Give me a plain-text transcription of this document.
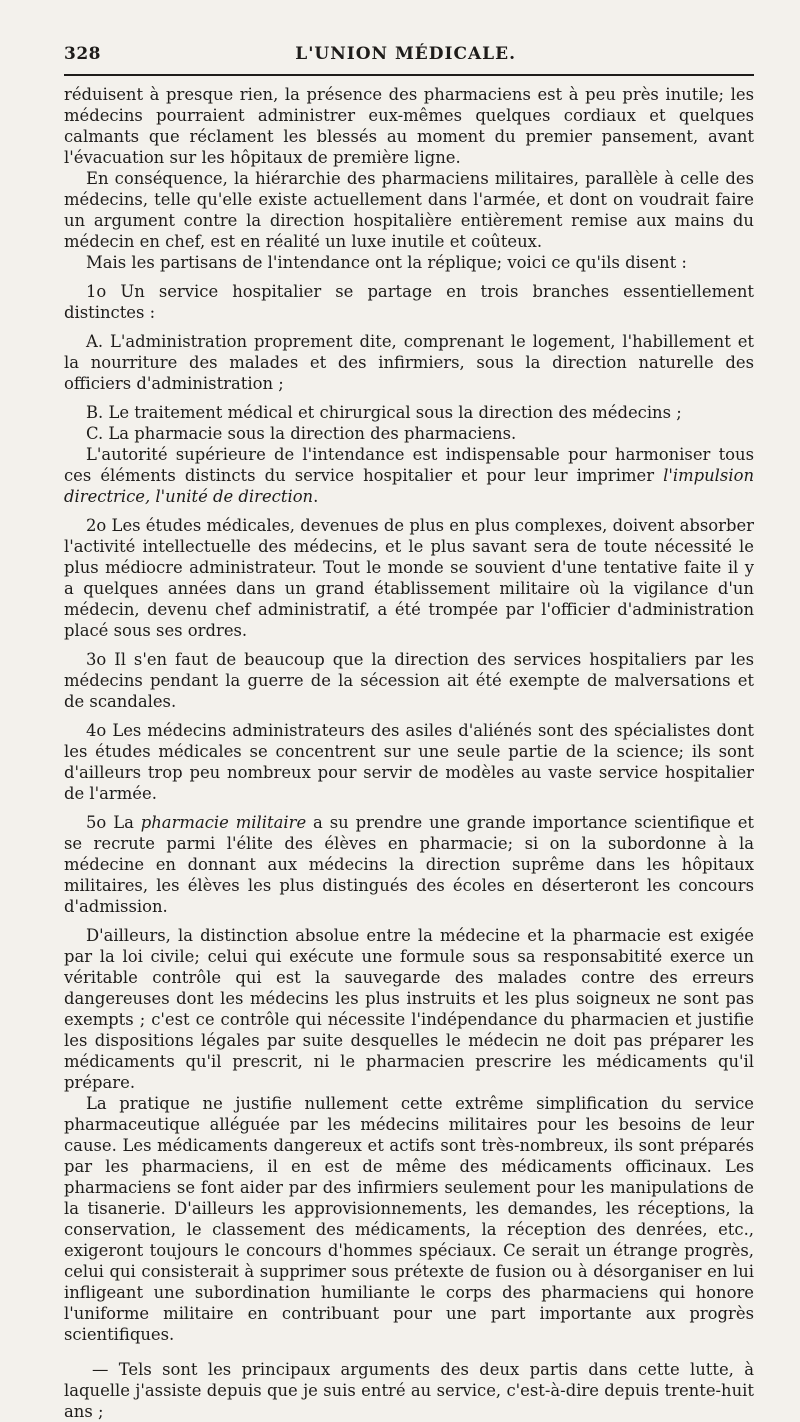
328	L'UNION MÉDICALE.

réduisent à presque rien, la présence des pharmaciens est à peu près inutile; les médecins pourraient administrer eux-mêmes quelques cordiaux et quelques calmants que réclament les blessés au moment du premier pansement, avant l'évacuation sur les hôpitaux de première ligne.

En conséquence, la hiérarchie des pharmaciens militaires, parallèle à celle des médecins, telle qu'elle existe actuellement dans l'armée, et dont on voudrait faire un argument contre la direction hospitalière entièrement remise aux mains du médecin en chef, est en réalité un luxe inutile et coûteux.

Mais les partisans de l'intendance ont la réplique; voici ce qu'ils disent :

1o Un service hospitalier se partage en trois branches essentiellement distinctes :

A. L'administration proprement dite, comprenant le logement, l'habillement et la nourriture des malades et des infirmiers, sous la direction naturelle des officiers d'administration ;

B. Le traitement médical et chirurgical sous la direction des médecins ;

C. La pharmacie sous la direction des pharmaciens.

L'autorité supérieure de l'intendance est indispensable pour harmoniser tous ces éléments distincts du service hospitalier et pour leur imprimer l'impulsion directrice, l'unité de direction.

2o Les études médicales, devenues de plus en plus complexes, doivent absorber l'activité intellectuelle des médecins, et le plus savant sera de toute nécessité le plus médiocre administrateur. Tout le monde se souvient d'une tentative faite il y a quelques années dans un grand établissement militaire où la vigilance d'un médecin, devenu chef administratif, a été trompée par l'officier d'administration placé sous ses ordres.

3o Il s'en faut de beaucoup que la direction des services hospitaliers par les médecins pendant la guerre de la sécession ait été exempte de malversations et de scandales.

4o Les médecins administrateurs des asiles d'aliénés sont des spécialistes dont les études médicales se concentrent sur une seule partie de la science; ils sont d'ailleurs trop peu nombreux pour servir de modèles au vaste service hospitalier de l'armée.

5o La pharmacie militaire a su prendre une grande importance scientifique et se recrute parmi l'élite des élèves en pharmacie; si on la subordonne à la médecine en donnant aux médecins la direction suprême dans les hôpitaux militaires, les élèves les plus distingués des écoles en déserteront les concours d'admission.

D'ailleurs, la distinction absolue entre la médecine et la pharmacie est exigée par la loi civile; celui qui exécute une formule sous sa responsabitité exerce un véritable contrôle qui est la sauvegarde des malades contre des erreurs dangereuses dont les médecins les plus instruits et les plus soigneux ne sont pas exempts ; c'est ce contrôle qui nécessite l'indépendance du pharmacien et justifie les dispositions légales par suite desquelles le médecin ne doit pas préparer les médicaments qu'il prescrit, ni le pharmacien prescrire les médicaments qu'il prépare.

La pratique ne justifie nullement cette extrême simplification du service pharmaceutique alléguée par les médecins militaires pour les besoins de leur cause. Les médicaments dangereux et actifs sont très-nombreux, ils sont préparés par les pharmaciens, il en est de même des médicaments officinaux. Les pharmaciens se font aider par des infirmiers seulement pour les manipulations de la tisanerie. D'ailleurs les approvisionnements, les demandes, les réceptions, la conservation, le classement des médicaments, la réception des denrées, etc., exigeront toujours le concours d'hommes spéciaux. Ce serait un étrange progrès, celui qui consisterait à supprimer sous prétexte de fusion ou à désorganiser en lui infligeant une subordination humiliante le corps des pharmaciens qui honore l'uniforme militaire en contribuant pour une part importante aux progrès scientifiques.

— Tels sont les principaux arguments des deux partis dans cette lutte, à laquelle j'assiste depuis que je suis entré au service, c'est-à-dire depuis trente-huit ans ;
